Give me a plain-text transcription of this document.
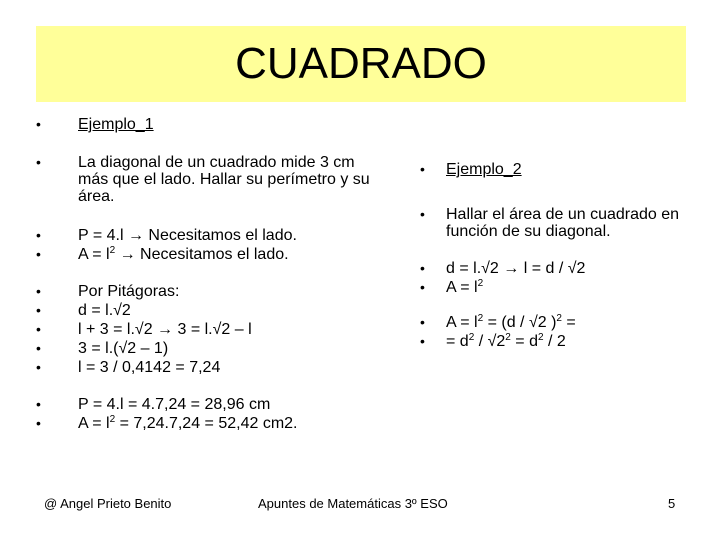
CUADRADO
• Ejemplo_1
• La diagonal de un cuadrado mide 3 cm más que el lado. Hallar su perímetro y su área.
• P = 4.l → Necesitamos el lado.
• $A = l^2$ → Necesitamos el lado.
• Por Pitágoras:
• d = l.√2
• l + 3 = l.√2 → 3 = l.√2 – l
• 3 = l.(√2 – 1)
• l = 3 / 0,4142 = 7,24
• P = 4.l = 4.7,24 = 28,96 cm
• $A = l^2 = 7,24.7,24 = 52,42$ cm2.
• Ejemplo_2
• Hallar el área de un cuadrado en función de su diagonal.
• d = l.√2 → l = d / √2
• $A = l^2$
• $A = l^2 = (d / √2$ )$^2$ =
• = $d^2 / √2^2 = d^2 / 2$
@ Angel Prieto Benito	Apuntes de Matemáticas 3º ESO	5
